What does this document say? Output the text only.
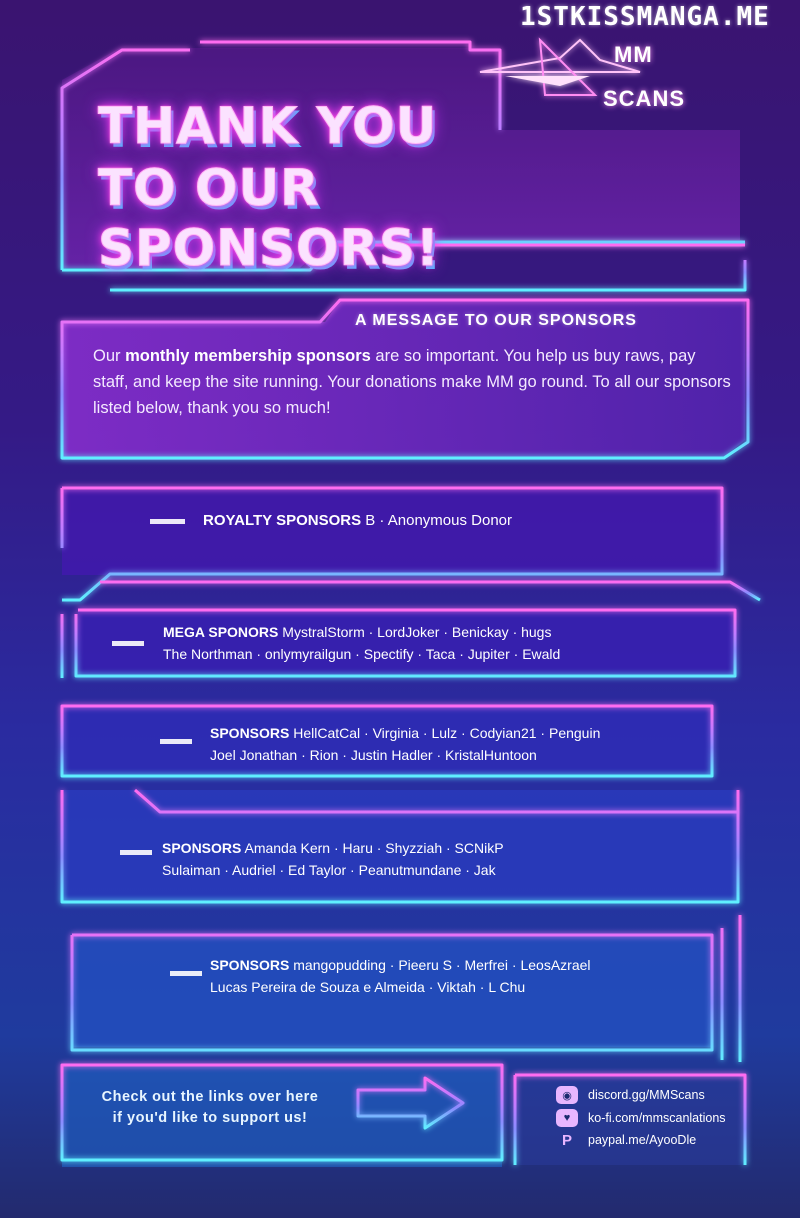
1STKISSMANGA.ME
MM
SCANS
THANK YOU
TO OUR SPONSORS!
A MESSAGE TO OUR SPONSORS
Our monthly membership sponsors are so important. You help us buy raws, pay staff, and keep the site running. Your donations make MM go round. To all our sponsors listed below, thank you so much!
ROYALTY SPONSORS B · Anonymous Donor
MEGA SPONORS MystralStorm · LordJoker · Benickay · hugs
The Northman · onlymyrailgun · Spectify · Taca · Jupiter · Ewald
SPONSORS HellCatCal · Virginia · Lulz · Codyian21 · Penguin
Joel Jonathan · Rion · Justin Hadler · KristalHuntoon
SPONSORS Amanda Kern · Haru · Shyzziah · SCNikP
Sulaiman · Audriel · Ed Taylor · Peanutmundane · Jak
SPONSORS mangopudding · Pieeru S · Merfrei · LeosAzrael
Lucas Pereira de Souza e Almeida · Viktah · L Chu
Check out the links over here
if you'd like to support us!
◉	discord.gg/MMScans
♥	ko-fi.com/mmscanlations
P	paypal.me/AyooDle
